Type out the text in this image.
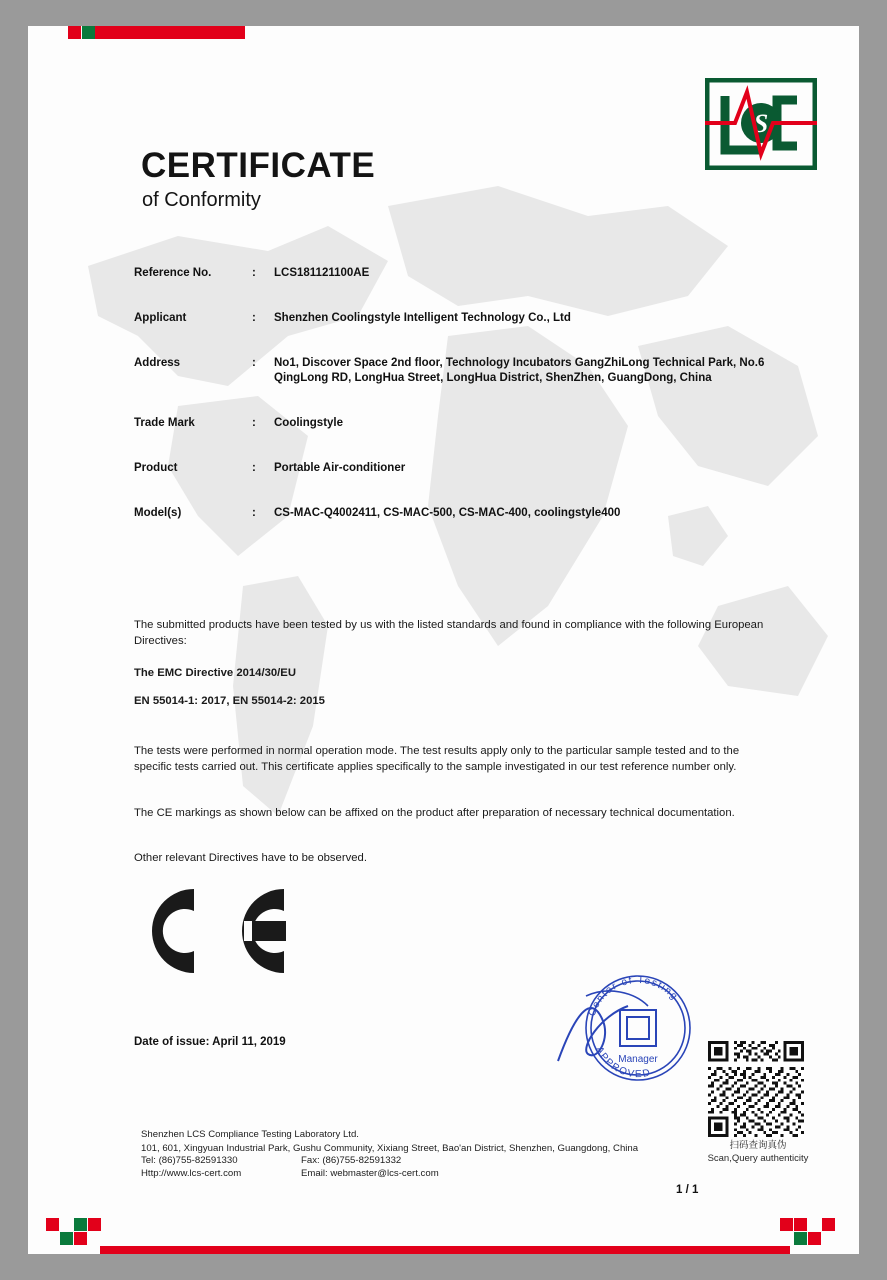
S
CERTIFICATE
of Conformity
Reference No.	:	LCS181121100AE
Applicant	:	Shenzhen Coolingstyle Intelligent Technology Co., Ltd
Address	:	No1, Discover Space 2nd floor, Technology Incubators GangZhiLong Technical Park, No.6 QingLong RD, LongHua Street, LongHua District, ShenZhen, GuangDong, China
Trade Mark	:	Coolingstyle
Product	:	Portable Air-conditioner
Model(s)	:	CS-MAC-Q4002411, CS-MAC-500, CS-MAC-400, coolingstyle400
The submitted products have been tested by us with the listed standards and found in compliance with the following European Directives:
The EMC Directive 2014/30/EU
EN 55014-1: 2017, EN 55014-2: 2015
The tests were performed in normal operation mode. The test results apply only to the particular sample tested and to the specific tests carried out. This certificate applies specifically to the sample investigated in our test reference number only.
The CE markings as shown below can be affixed on the product after preparation of necessary technical documentation.
Other relevant Directives have to be observed.
Date of issue: April 11, 2019
Center of Testing
APPROVED
Manager
扫码查询真伪
Scan,Query authenticity
Shenzhen LCS Compliance Testing Laboratory Ltd.
101, 601, Xingyuan Industrial Park, Gushu Community, Xixiang Street, Bao'an District, Shenzhen, Guangdong, China
Tel: (86)755-82591330	Fax: (86)755-82591332
Http://www.lcs-cert.com	Email: webmaster@lcs-cert.com
1 / 1
